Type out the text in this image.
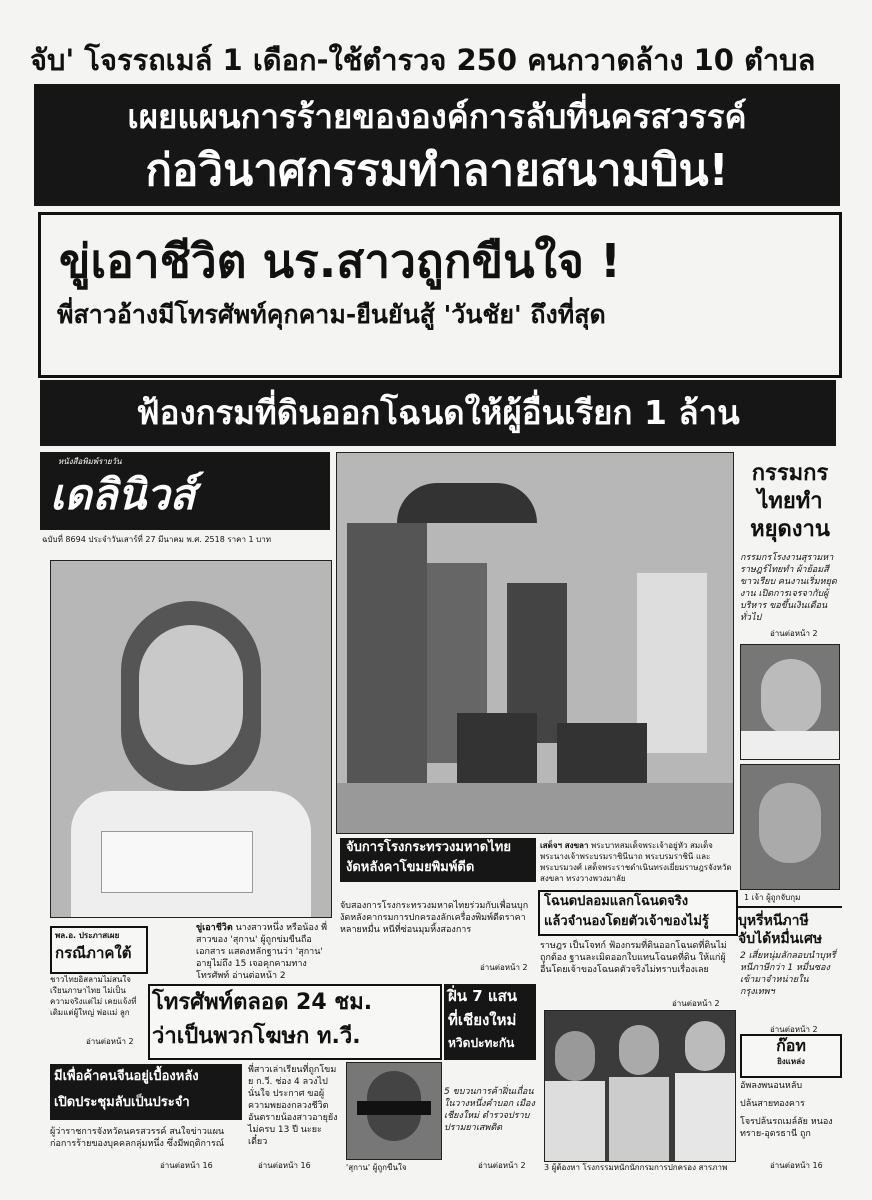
จับ' โจรรถเมล์ 1 เดือก-ใช้ตำรวจ 250 คนกวาดล้าง 10 ตำบล
เผยแผนการร้ายขององค์การลับที่นครสวรรค์
ก่อวินาศกรรมทำลายสนามบิน!
ขู่เอาชีวิต นร.สาวถูกขืนใจ !
พี่สาวอ้างมีโทรศัพท์คุกคาม-ยืนยันสู้ 'วันชัย' ถึงที่สุด
ฟ้องกรมที่ดินออกโฉนดให้ผู้อื่นเรียก 1 ล้าน
หนังสือพิมพ์รายวัน
เดลินิวส์
ฉบับที่ 8694 ประจำวันเสาร์ที่ 27 มีนาคม พ.ศ. 2518 ราคา 1 บาท
ขู่เอาชีวิต นางสาวหนึ่ง หรือน้อง พี่สาวของ 'สุกาน' ผู้ถูกข่มขืนถือเอกสาร แสดงหลักฐานว่า 'สุกาน' อายุไม่ถึง 15 เจอคุกคามทางโทรศัพท์ อ่านต่อหน้า 2
กรรมกรไทยทำหยุดงาน
กรรมกรโรงงานสุรามหาราษฎร์ไทยทำ ผ้าย้อมสีขาวเรียบ คนงานเริ่มหยุดงาน เปิดการเจรจากับผู้บริหาร ขอขึ้นเงินเดือนทั่วไป
อ่านต่อหน้า 2
1 เจ้า ผู้ถูกจับกุม
จับการโรงกระทรวงมหาดไทย
งัดหลังคาโขมยพิมพ์ดีด
จับสองการโรงกระทรวงมหาดไทยร่วมกับเพื่อนบุกงัดหลังคากรมการปกครองลักเครื่องพิมพ์ดีดราคาหลายหมื่น หนีที่ซ่อนมุมหิ้งสองการ
อ่านต่อหน้า 2
เสด็จฯ สงขลา พระบาทสมเด็จพระเจ้าอยู่หัว สมเด็จพระนางเจ้าพระบรมราชินีนาถ พระบรมราชินี และพระบรมวงศ์ เสด็จพระราชดำเนินทรงเยี่ยมราษฎรจังหวัดสงขลา ทรงวางพวงมาลัย
โฉนดปลอมแลกโฉนดจริง
แล้วจำนองโดยตัวเจ้าของไม่รู้
ราษฎร เป็นโจทก์ ฟ้องกรมที่ดินออกโฉนดที่ดินไม่ถูกต้อง ฐานละเมิดออกใบแทนโฉนดที่ดิน ให้แก่ผู้อื่นโดยเจ้าของโฉนดตัวจริงไม่ทราบเรื่องเลย
อ่านต่อหน้า 2
บุหรี่หนีภาษี
จับได้หมื่นเศษ
2 เสี่ยหนุ่มลักลอบนำบุหรี่หนีภาษีกว่า 1 หมื่นซอง เข้ามาจำหน่ายในกรุงเทพฯ
อ่านต่อหน้า 2
พล.อ. ประภาสเผย
กรณีภาคใต้
ชาวไทยอิสลามไม่สนใจเรียนภาษาไทย ไม่เป็นความจริงแต่ไม่ เคยแจ้งที่เดิมแต่ผู้ใหญ่ พ่อแม่ ลูก
อ่านต่อหน้า 2
โทรศัพท์ตลอด 24 ชม.
ว่าเป็นพวกโฆษก ท.วี.
ฝิ่น 7 แสน
ที่เชียงใหม่
หวิดปะทะกัน
3 ผู้ต้องหา โรงกรรมหนักนักกรมการปกครอง สารภาพ
มีเพื่อค้าคนจีนอยู่เบื้องหลัง
เปิดประชุมลับเป็นประจำ
ผู้ว่าราชการจังหวัดนครสวรรค์ สนใจข่าวแผนก่อการร้ายของบุคคลกลุ่มหนึ่ง ซึ่งมีพฤติการณ์
อ่านต่อหน้า 16
พี่สาวเล่าเรียนที่ถูกโขมย ก.วี. ช่อง 4 ลวงไปนั่นใจ ประกาศ ขอผู้ความพยองกลวงชีวิต อันตรายน้องสาวอายุยังไม่ครบ 13 ปี นะยะเดี๋ยว
อ่านต่อหน้า 16	'สุกาน' ผู้ถูกขืนใจ
5 ขบวนการค้าฝิ่นเถื่อนในวางหนึ่งคำบอก เมืองเชียงใหม่ ตำรวจปราบปรามยาเสพติด
อ่านต่อหน้า 2
ก๊อท
ยิงแหล่ง
อัพลงพนอนหลับ
ปล้นสายทองคาร
โจรปล้นรถเมล์ลัย หนองทราย-อุดรธานี ถูก
อ่านต่อหน้า 16
